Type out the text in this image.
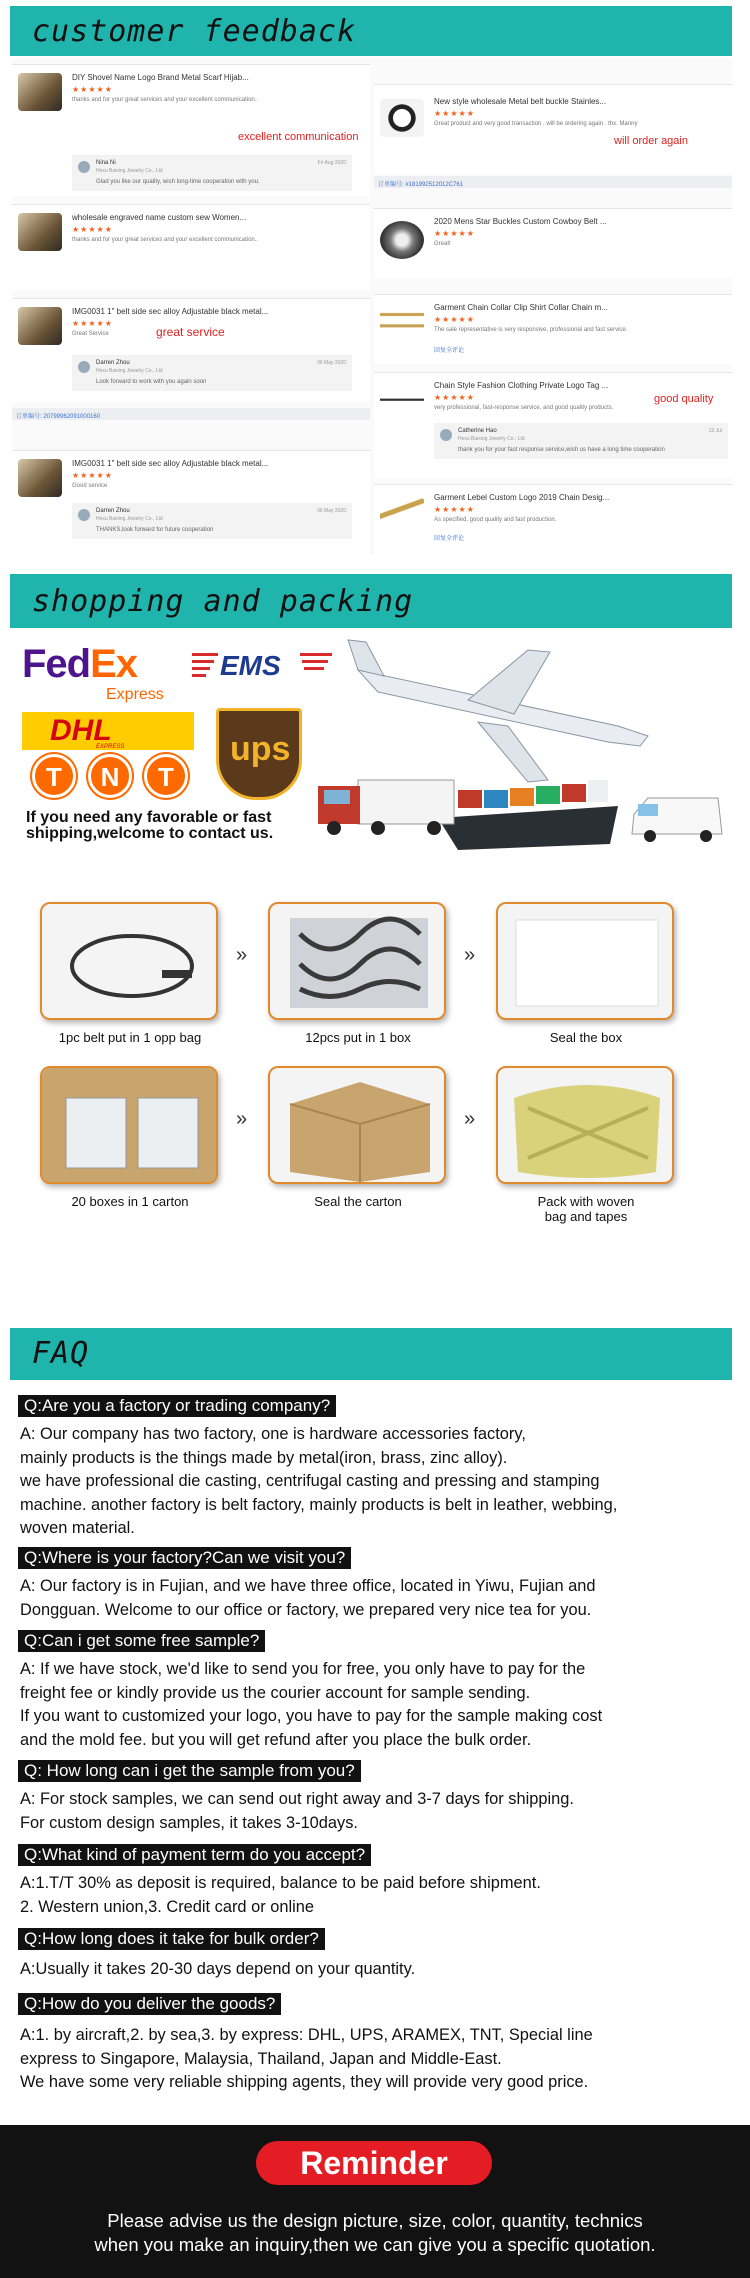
customer feedback
DIY Shovel Name Logo Brand Metal Scarf Hijab...
★★★★★
thanks and for your great services and your excellent communication..
excellent communication
Nina Ni
Hexu Baixing Jewelry Co., Ltd
Fri Aug 2020
Glad you like our quality, wish long-time cooperation with you.
wholesale engraved name custom sew Women...
★★★★★
thanks and for your great services and your excellent communication..
IMG0031 1" belt side sec alloy Adjustable black metal...
★★★★★
Great Service	great service
Darren Zhou
Hexu Baixing Jewelry Co., Ltd
06 May 2020
Look forward to work with you again soon
订单编号: 20799962091000160
IMG0031 1" belt side sec alloy Adjustable black metal...
★★★★★
Good service
Darren Zhou
Hexu Baixing Jewelry Co., Ltd
06 May 2020
THANKS,look forward for future cooperation
New style wholesale Metal belt buckle Stainles...
★★★★★
Great product and very good transaction . will be ordering again . thx. Manny
will order again
订单编号: #181992512012C761
2020 Mens Star Buckles Custom Cowboy Belt ...
★★★★★
Great!
Garment Chain Collar Clip Shirt Collar Chain m...
★★★★★
The sale representative is very responsive, professional and fast service.
回复全评论
Chain Style Fashion Clothing Private Logo Tag ...
★★★★★
very professional, fast-response service, and good quality products.
good quality
Catherine Hao
Hexu Baixing Jewelry Co., Ltd
13 Jul
thank you for your fast response service,wish us have a long time cooperation
Garment Lebel Custom Logo 2019 Chain Desig...
★★★★★
As specified, good quality and fast production.
回复全评论
shopping and packing
FedEx
Express
EMS
DHL
EXPRESS	ups
T	N	T
If you need any favorable or fast
shipping,welcome to contact us.
»	»
1pc belt put in 1 opp bag	12pcs put in 1 box	Seal the box
»	»
20 boxes in 1 carton	Seal the carton	Pack with woven
bag and tapes
FAQ
Q:Are you a factory or trading company?

A: Our company has two factory, one is hardware accessories factory,

mainly products is the things made by metal(iron, brass, zinc alloy).

we have professional die casting, centrifugal casting and pressing and stamping

machine. another factory is belt factory, mainly products is belt in leather, webbing,

woven material.

Q:Where is your factory?Can we visit you?

A: Our factory is in Fujian, and we have three office, located in Yiwu, Fujian and

Dongguan. Welcome to our office or factory, we prepared very nice tea for you.

Q:Can i get some free sample?

A: If we have stock, we'd like to send you for free, you only have to pay for the

freight fee or kindly provide us the courier account for sample sending.

If you want to customized your logo, you have to pay for the sample making cost

and the mold fee. but you will get refund after you place the bulk order.

Q: How long can i get the sample from you?

A: For stock samples, we can send out right away and 3-7 days for shipping.

For custom design samples, it takes 3-10days.

Q:What kind of payment term do you accept?

A:1.T/T 30% as deposit is required, balance to be paid before shipment.

2. Western union,3. Credit card or online

Q:How long does it take for bulk order?

A:Usually it takes 20-30 days depend on your quantity.

Q:How do you deliver the goods?

A:1. by aircraft,2. by sea,3. by express: DHL, UPS, ARAMEX, TNT, Special line

express to Singapore, Malaysia, Thailand, Japan and Middle-East.

We have some very reliable shipping agents, they will provide very good price.

Reminder
Please advise us the design picture, size, color, quantity, technics
when you make an inquiry,then we can give you a specific quotation.
